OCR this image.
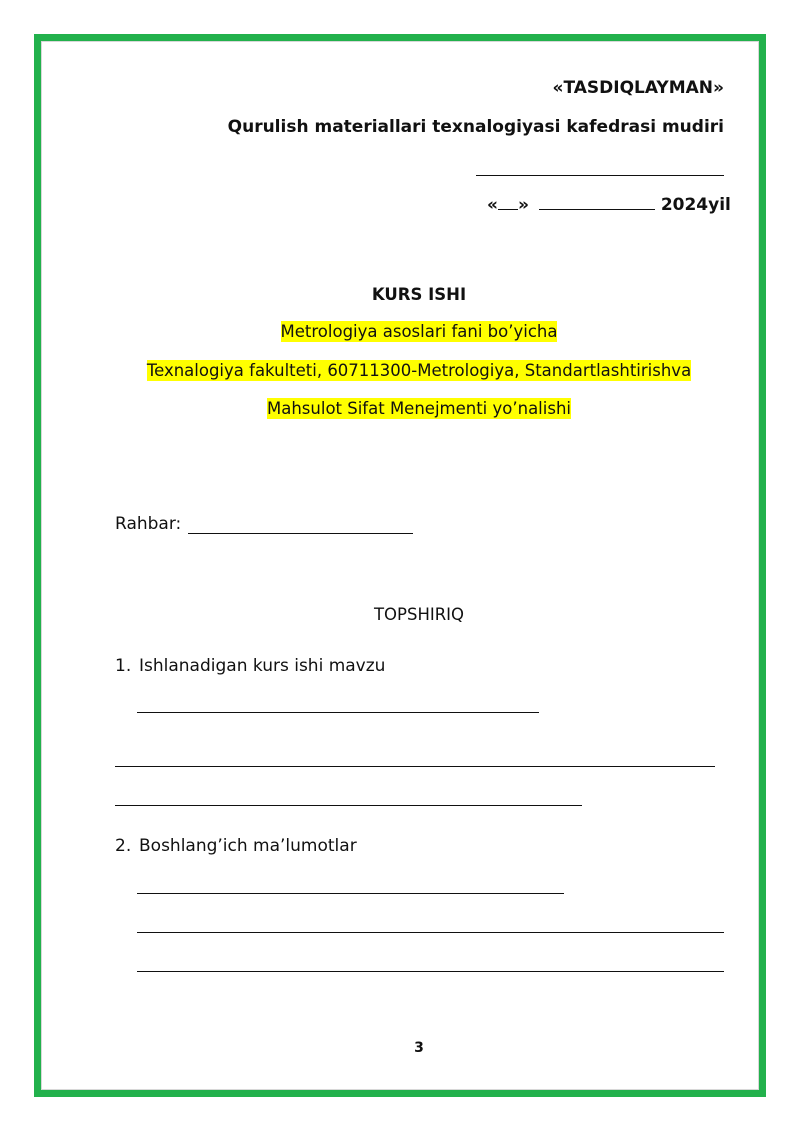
«TASDIQLAYMAN»
Qurulish materiallari texnalogiyasi kafedrasi mudiri
« »	2024yil
KURS ISHI
Metrologiya asoslari fani bo’yicha
Texnalogiya fakulteti, 60711300-Metrologiya, Standartlashtirishva
Mahsulot Sifat Menejmenti yo’nalishi
Rahbar:
TOPSHIRIQ
1. Ishlanadigan kurs ishi mavzu
2. Boshlang’ich ma’lumotlar
3
